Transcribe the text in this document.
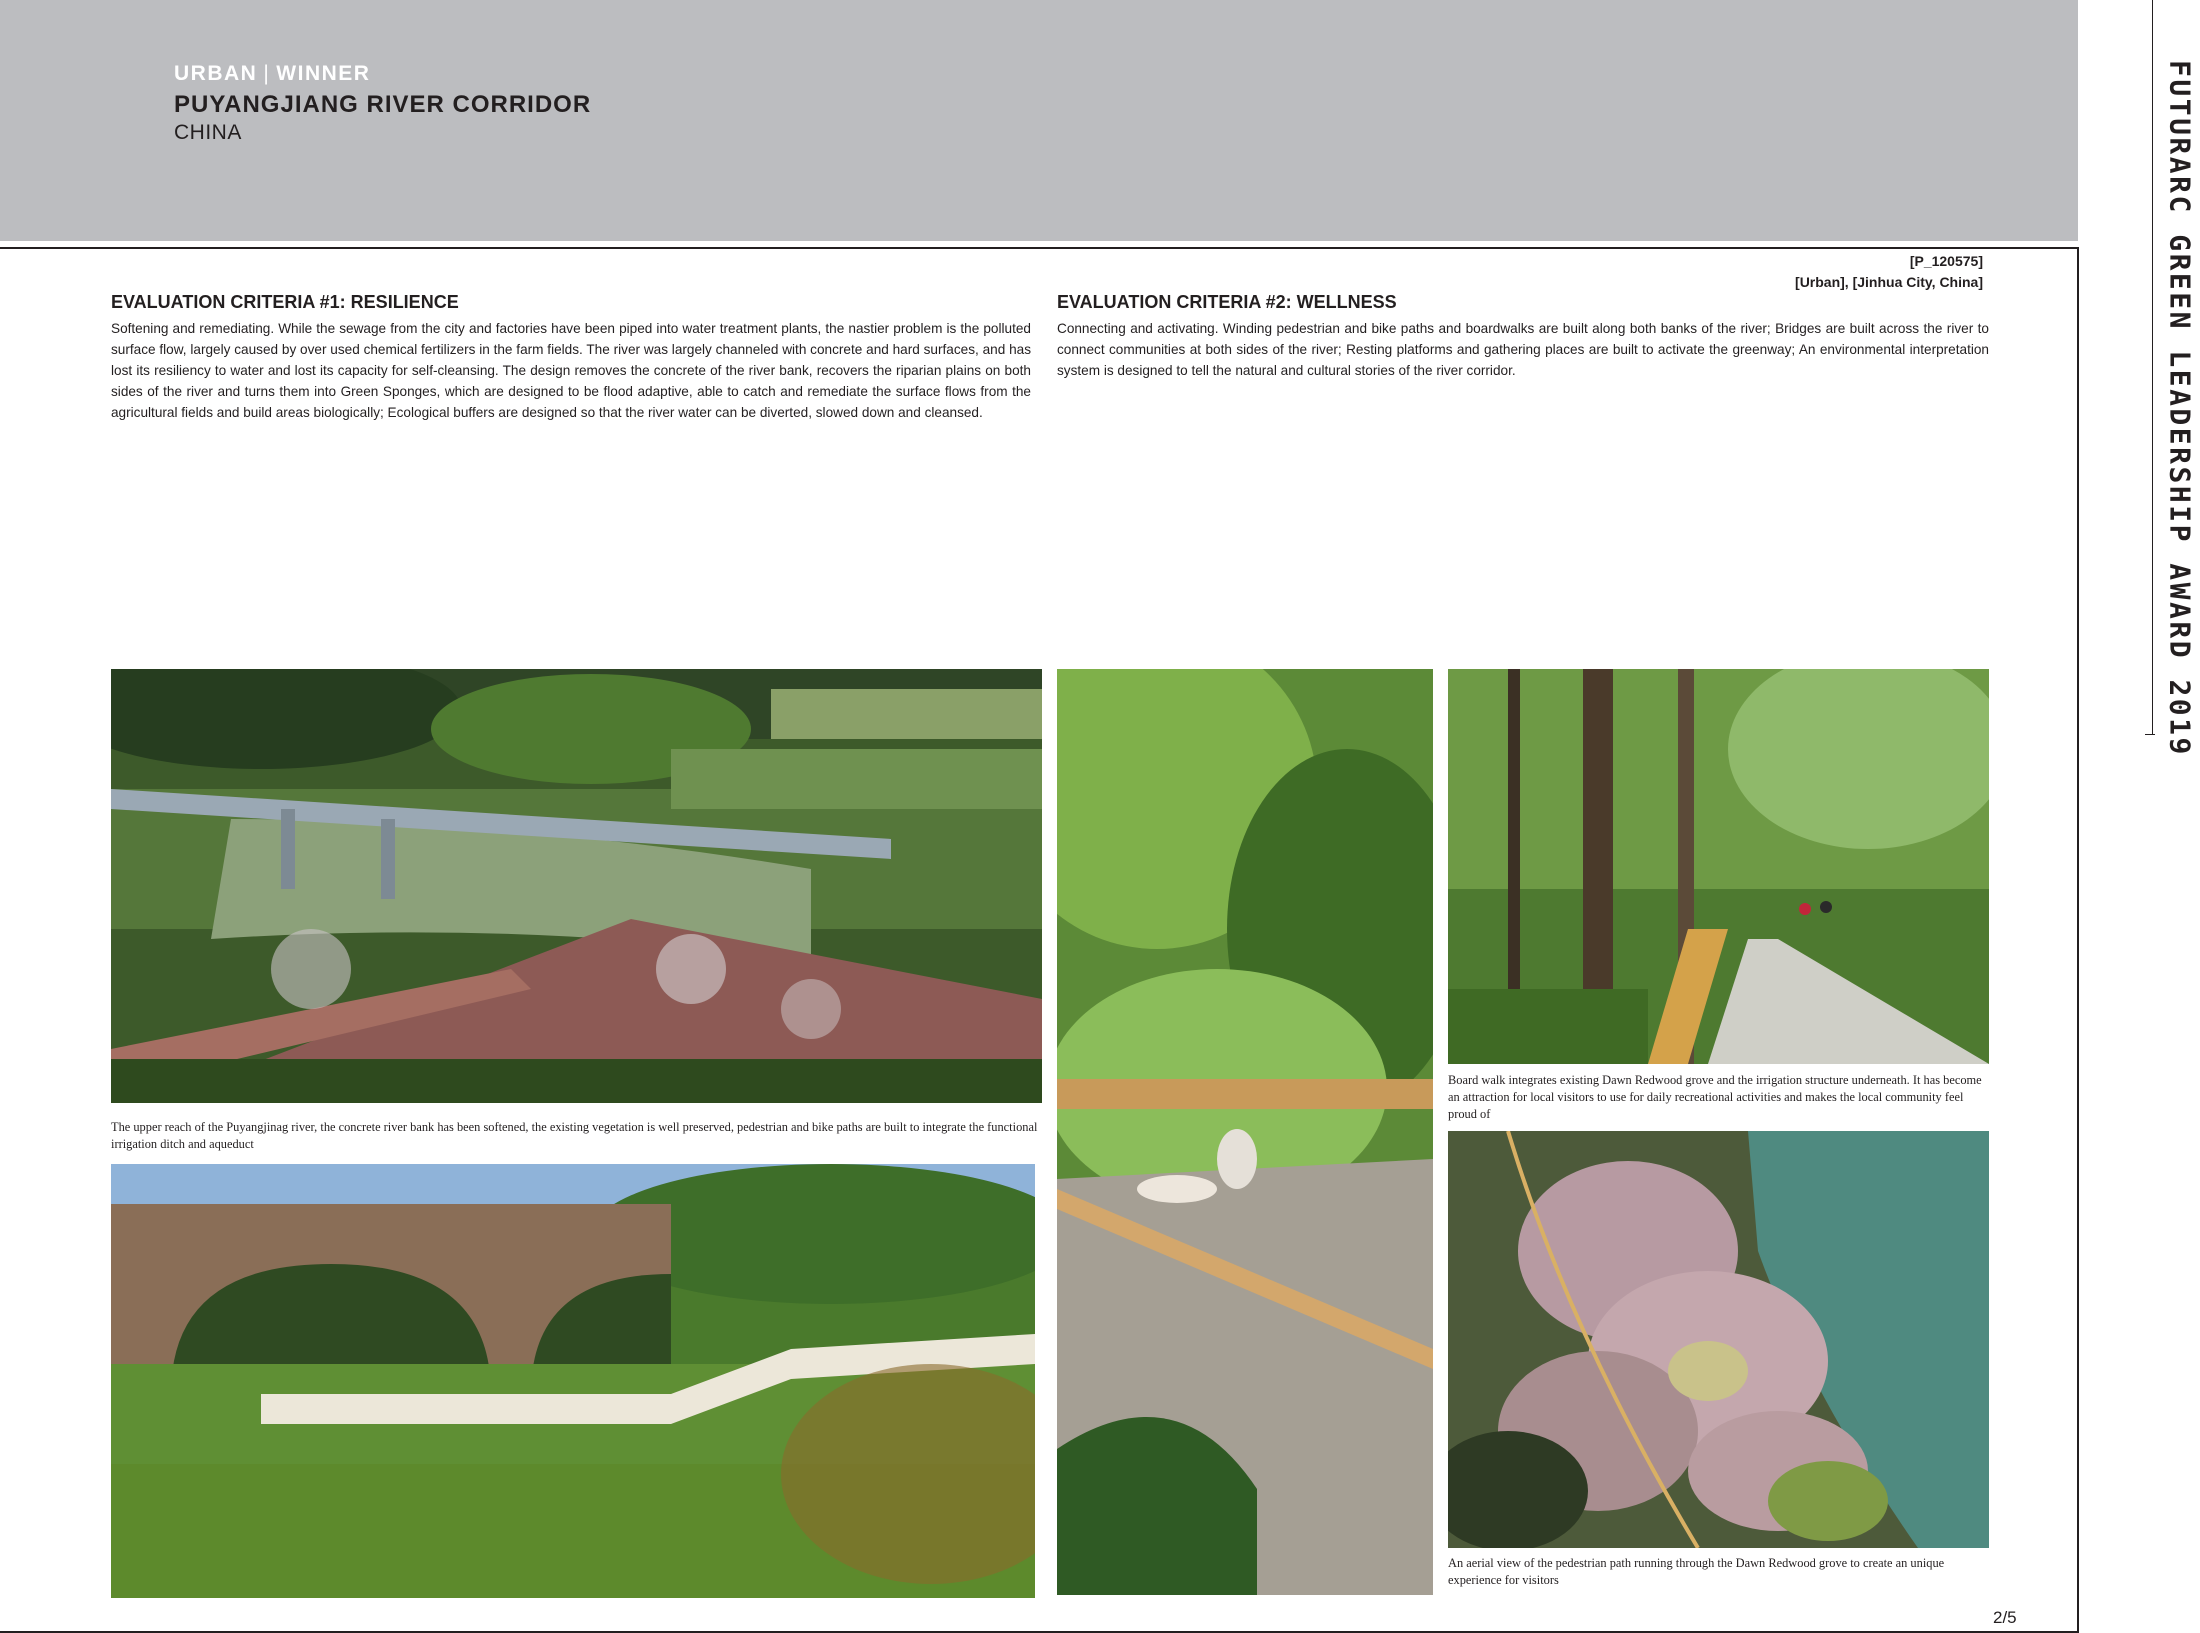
URBAN | WINNER
PUYANGJIANG RIVER CORRIDOR
CHINA	FUTURARC GREEN LEADERSHIP AWARD 2019
[P_120575]
[Urban], [Jinhua City, China]
EVALUATION CRITERIA #1: RESILIENCE
Softening and remediating. While the sewage from the city and factories have been piped into water treatment plants, the nastier problem is the polluted surface flow, largely caused by over used chemical fertilizers in the farm fields. The river was largely channeled with concrete and hard surfaces, and has lost its resiliency to water and lost its capacity for self-cleansing. The design removes the concrete of the river bank, recovers the riparian plains on both sides of the river and turns them into Green Sponges, which are designed to be flood adaptive, able to catch and remediate the surface flows from the agricultural fields and build areas biologically; Ecological buffers are designed so that the river water can be diverted, slowed down and cleansed.
EVALUATION CRITERIA #2: WELLNESS
Connecting and activating. Winding pedestrian and bike paths and boardwalks are built along both banks of the river; Bridges are built across the river to connect communities at both sides of the river; Resting platforms and gathering places are built to activate the greenway; An environmental interpretation system is designed to tell the natural and cultural stories of the river corridor.
The upper reach of the Puyangjinag river, the concrete river bank has been softened, the existing vegetation is well preserved, pedestrian and bike paths are built to integrate the functional irrigation ditch and aqueduct
Board walk integrates existing Dawn Redwood grove and the irrigation structure underneath. It has become an attraction for local visitors to use for daily recreational activities and makes the local community feel proud of
An aerial view of the pedestrian path running through the Dawn Redwood grove to create an unique experience for visitors
2/5
